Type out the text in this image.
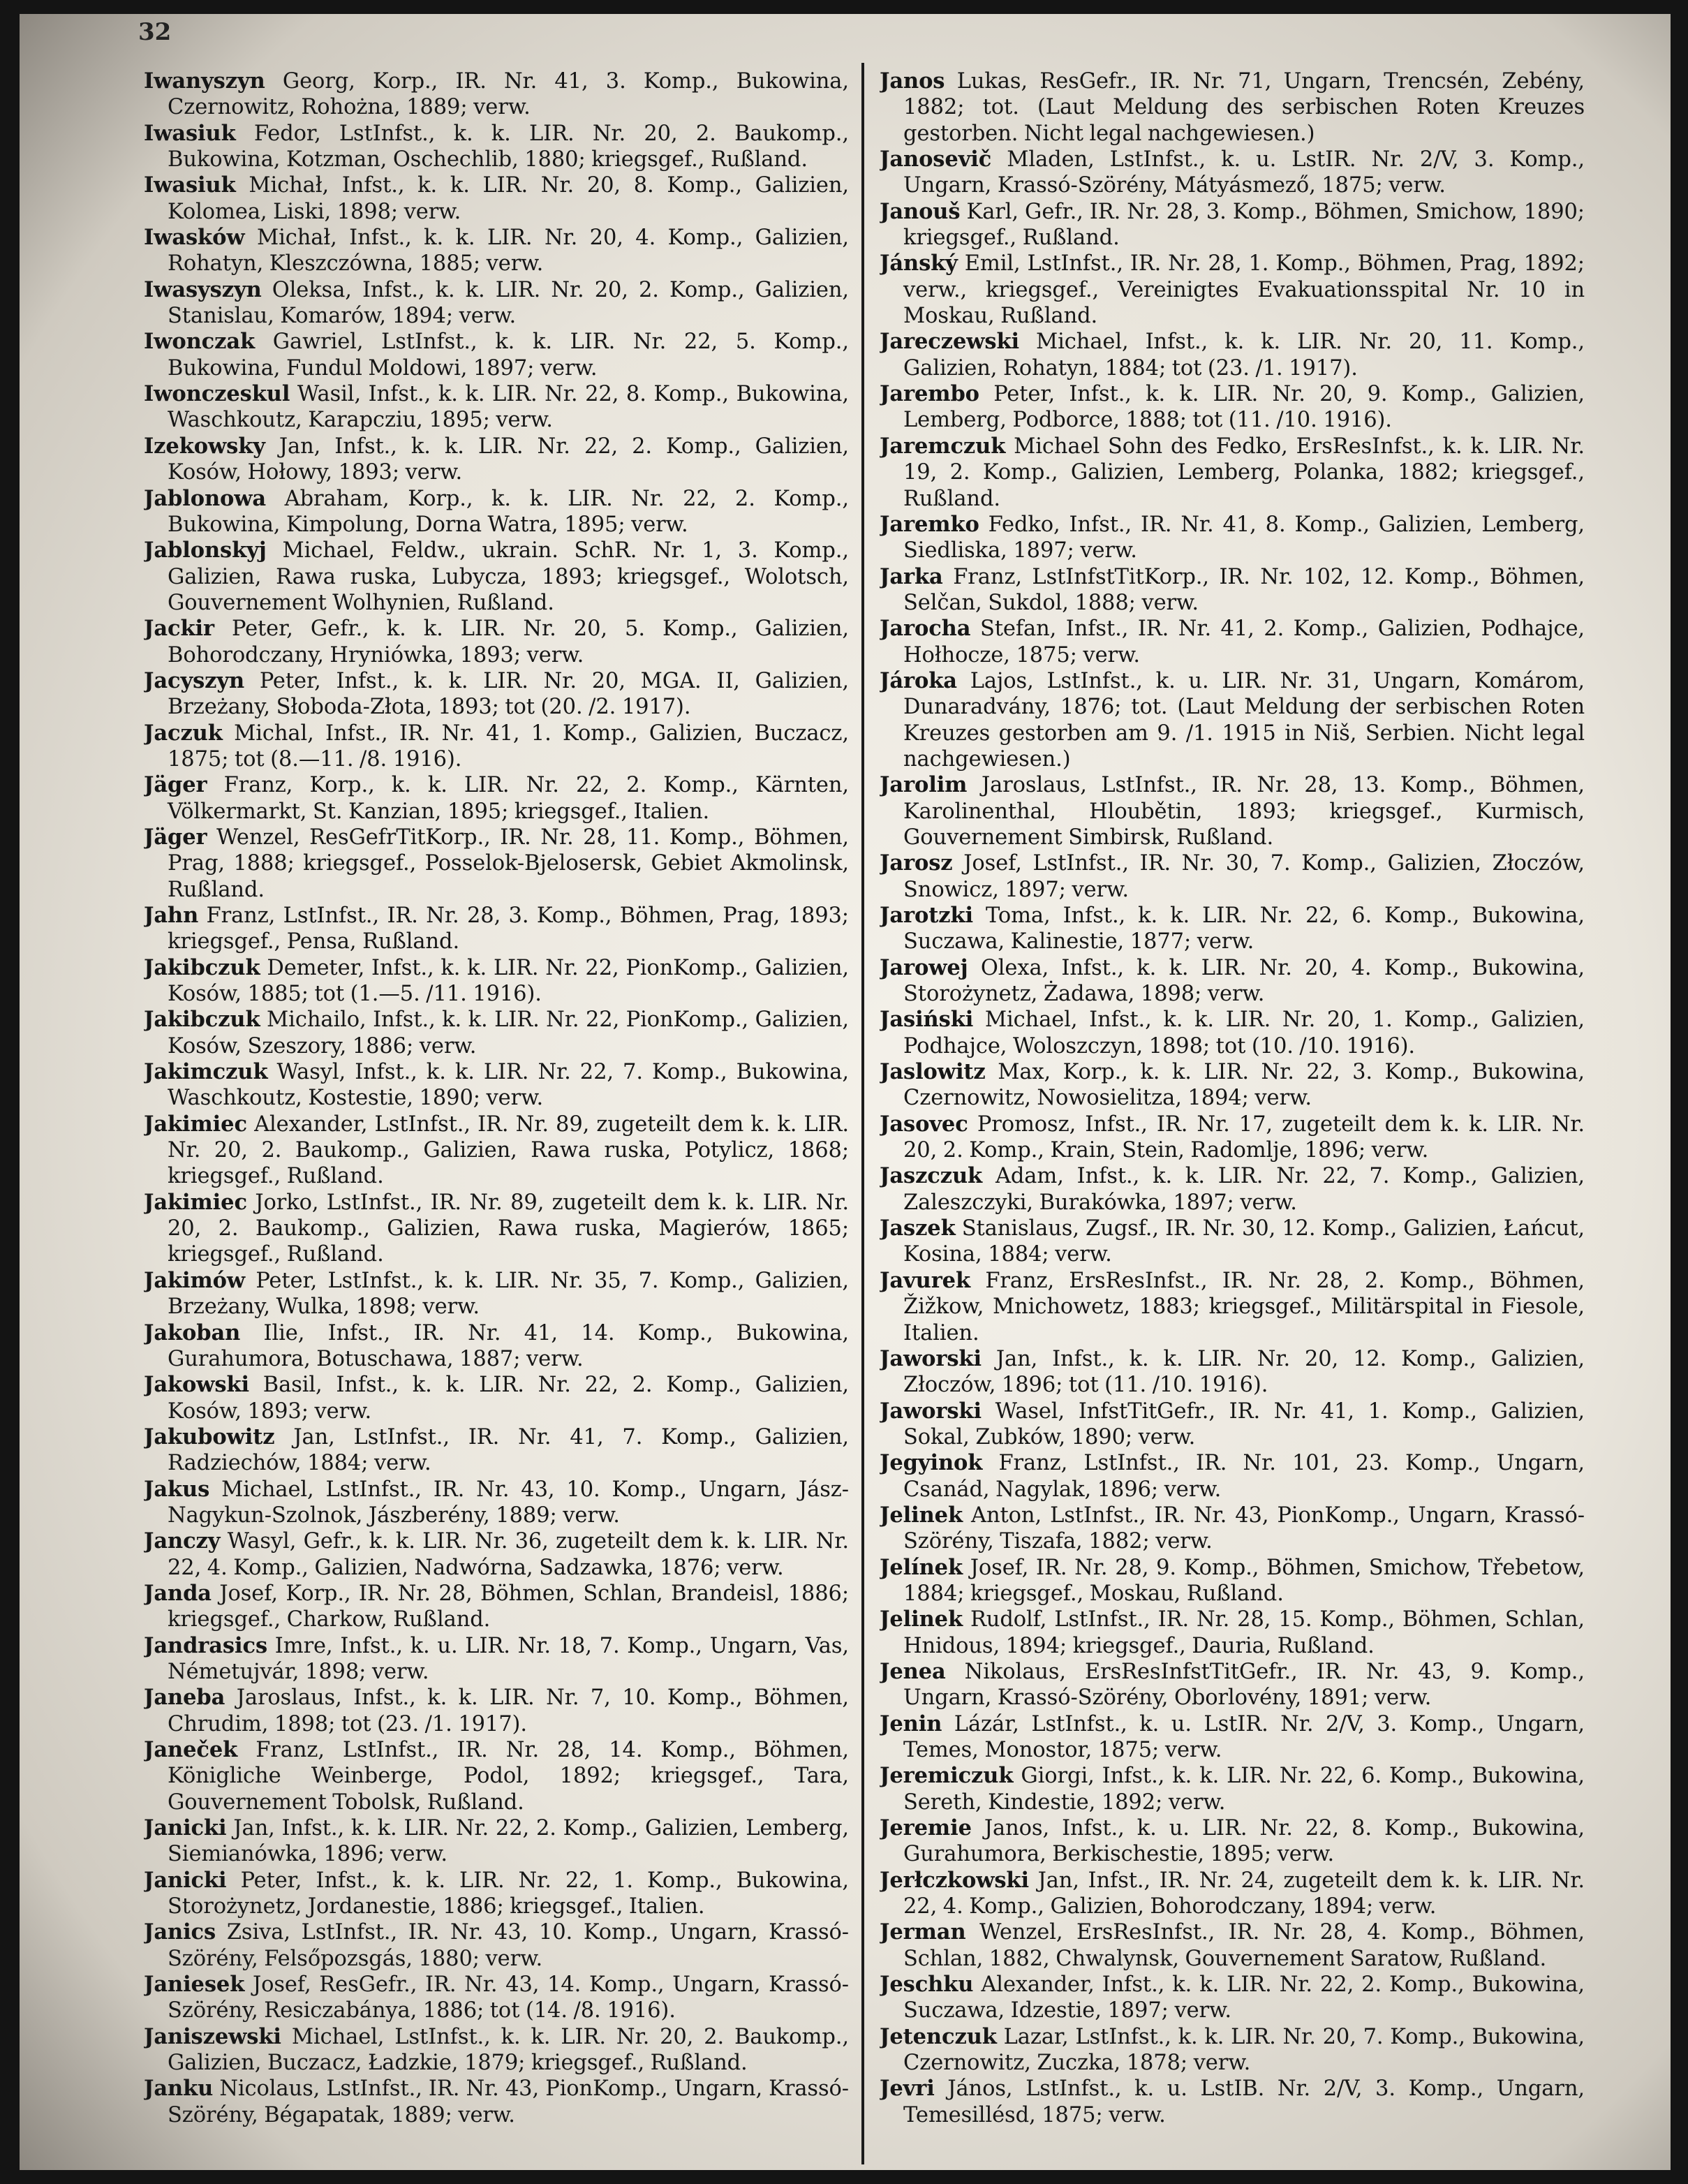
32
Iwanyszyn Georg, Korp., IR. Nr. 41, 3. Komp., Bukowina, Czernowitz, Rohożna, 1889; verw.
Iwasiuk Fedor, LstInfst., k. k. LIR. Nr. 20, 2. Baukomp., Bukowina, Kotzman, Oschechlib, 1880; kriegsgef., Rußland.
Iwasiuk Michał, Infst., k. k. LIR. Nr. 20, 8. Komp., Galizien, Kolomea, Liski, 1898; verw.
Iwasków Michał, Infst., k. k. LIR. Nr. 20, 4. Komp., Galizien, Rohatyn, Kleszczówna, 1885; verw.
Iwasyszyn Oleksa, Infst., k. k. LIR. Nr. 20, 2. Komp., Galizien, Stanislau, Komarów, 1894; verw.
Iwonczak Gawriel, LstInfst., k. k. LIR. Nr. 22, 5. Komp., Bukowina, Fundul Moldowi, 1897; verw.
Iwonczeskul Wasil, Infst., k. k. LIR. Nr. 22, 8. Komp., Bukowina, Waschkoutz, Karapcziu, 1895; verw.
Izekowsky Jan, Infst., k. k. LIR. Nr. 22, 2. Komp., Galizien, Kosów, Hołowy, 1893; verw.
Jablonowa Abraham, Korp., k. k. LIR. Nr. 22, 2. Komp., Bukowina, Kimpolung, Dorna Watra, 1895; verw.
Jablonskyj Michael, Feldw., ukrain. SchR. Nr. 1, 3. Komp., Galizien, Rawa ruska, Lubycza, 1893; kriegsgef., Wolotsch, Gouvernement Wolhynien, Rußland.
Jackir Peter, Gefr., k. k. LIR. Nr. 20, 5. Komp., Galizien, Bohorodczany, Hryniówka, 1893; verw.
Jacyszyn Peter, Infst., k. k. LIR. Nr. 20, MGA. II, Galizien, Brzeżany, Słoboda-Złota, 1893; tot (20. /2. 1917).
Jaczuk Michal, Infst., IR. Nr. 41, 1. Komp., Galizien, Buczacz, 1875; tot (8.—11. /8. 1916).
Jäger Franz, Korp., k. k. LIR. Nr. 22, 2. Komp., Kärnten, Völkermarkt, St. Kanzian, 1895; kriegsgef., Italien.
Jäger Wenzel, ResGefrTitKorp., IR. Nr. 28, 11. Komp., Böhmen, Prag, 1888; kriegsgef., Posselok-Bjelosersk, Gebiet Akmolinsk, Rußland.
Jahn Franz, LstInfst., IR. Nr. 28, 3. Komp., Böhmen, Prag, 1893; kriegsgef., Pensa, Rußland.
Jakibczuk Demeter, Infst., k. k. LIR. Nr. 22, PionKomp., Galizien, Kosów, 1885; tot (1.—5. /11. 1916).
Jakibczuk Michailo, Infst., k. k. LIR. Nr. 22, PionKomp., Galizien, Kosów, Szeszory, 1886; verw.
Jakimczuk Wasyl, Infst., k. k. LIR. Nr. 22, 7. Komp., Bukowina, Waschkoutz, Kostestie, 1890; verw.
Jakimiec Alexander, LstInfst., IR. Nr. 89, zugeteilt dem k. k. LIR. Nr. 20, 2. Baukomp., Galizien, Rawa ruska, Potylicz, 1868; kriegsgef., Rußland.
Jakimiec Jorko, LstInfst., IR. Nr. 89, zugeteilt dem k. k. LIR. Nr. 20, 2. Baukomp., Galizien, Rawa ruska, Magierów, 1865; kriegsgef., Rußland.
Jakimów Peter, LstInfst., k. k. LIR. Nr. 35, 7. Komp., Galizien, Brzeżany, Wulka, 1898; verw.
Jakoban Ilie, Infst., IR. Nr. 41, 14. Komp., Bukowina, Gurahumora, Botuschawa, 1887; verw.
Jakowski Basil, Infst., k. k. LIR. Nr. 22, 2. Komp., Galizien, Kosów, 1893; verw.
Jakubowitz Jan, LstInfst., IR. Nr. 41, 7. Komp., Galizien, Radziechów, 1884; verw.
Jakus Michael, LstInfst., IR. Nr. 43, 10. Komp., Ungarn, Jász-Nagykun-Szolnok, Jászberény, 1889; verw.
Janczy Wasyl, Gefr., k. k. LIR. Nr. 36, zugeteilt dem k. k. LIR. Nr. 22, 4. Komp., Galizien, Nadwórna, Sadzawka, 1876; verw.
Janda Josef, Korp., IR. Nr. 28, Böhmen, Schlan, Brandeisl, 1886; kriegsgef., Charkow, Rußland.
Jandrasics Imre, Infst., k. u. LIR. Nr. 18, 7. Komp., Ungarn, Vas, Németujvár, 1898; verw.
Janeba Jaroslaus, Infst., k. k. LIR. Nr. 7, 10. Komp., Böhmen, Chrudim, 1898; tot (23. /1. 1917).
Janeček Franz, LstInfst., IR. Nr. 28, 14. Komp., Böhmen, Königliche Weinberge, Podol, 1892; kriegsgef., Tara, Gouvernement Tobolsk, Rußland.
Janicki Jan, Infst., k. k. LIR. Nr. 22, 2. Komp., Galizien, Lemberg, Siemianówka, 1896; verw.
Janicki Peter, Infst., k. k. LIR. Nr. 22, 1. Komp., Bukowina, Storożynetz, Jordanestie, 1886; kriegsgef., Italien.
Janics Zsiva, LstInfst., IR. Nr. 43, 10. Komp., Ungarn, Krassó-Szörény, Felsőpozsgás, 1880; verw.
Janiesek Josef, ResGefr., IR. Nr. 43, 14. Komp., Ungarn, Krassó-Szörény, Resiczabánya, 1886; tot (14. /8. 1916).
Janiszewski Michael, LstInfst., k. k. LIR. Nr. 20, 2. Baukomp., Galizien, Buczacz, Ładzkie, 1879; kriegsgef., Rußland.
Janku Nicolaus, LstInfst., IR. Nr. 43, PionKomp., Ungarn, Krassó-Szörény, Bégapatak, 1889; verw.
Janos Lukas, ResGefr., IR. Nr. 71, Ungarn, Trencsén, Zebény, 1882; tot. (Laut Meldung des serbischen Roten Kreuzes gestorben. Nicht legal nachgewiesen.)
Janosevič Mladen, LstInfst., k. u. LstIR. Nr. 2/V, 3. Komp., Ungarn, Krassó-Szörény, Mátyásmező, 1875; verw.
Janouš Karl, Gefr., IR. Nr. 28, 3. Komp., Böhmen, Smichow, 1890; kriegsgef., Rußland.
Jánský Emil, LstInfst., IR. Nr. 28, 1. Komp., Böhmen, Prag, 1892; verw., kriegsgef., Vereinigtes Evakuationsspital Nr. 10 in Moskau, Rußland.
Jareczewski Michael, Infst., k. k. LIR. Nr. 20, 11. Komp., Galizien, Rohatyn, 1884; tot (23. /1. 1917).
Jarembo Peter, Infst., k. k. LIR. Nr. 20, 9. Komp., Galizien, Lemberg, Podborce, 1888; tot (11. /10. 1916).
Jaremczuk Michael Sohn des Fedko, ErsResInfst., k. k. LIR. Nr. 19, 2. Komp., Galizien, Lemberg, Polanka, 1882; kriegsgef., Rußland.
Jaremko Fedko, Infst., IR. Nr. 41, 8. Komp., Galizien, Lemberg, Siedliska, 1897; verw.
Jarka Franz, LstInfstTitKorp., IR. Nr. 102, 12. Komp., Böhmen, Selčan, Sukdol, 1888; verw.
Jarocha Stefan, Infst., IR. Nr. 41, 2. Komp., Galizien, Podhajce, Hołhocze, 1875; verw.
Jároka Lajos, LstInfst., k. u. LIR. Nr. 31, Ungarn, Komárom, Dunaradvány, 1876; tot. (Laut Meldung der serbischen Roten Kreuzes gestorben am 9. /1. 1915 in Niš, Serbien. Nicht legal nachgewiesen.)
Jarolim Jaroslaus, LstInfst., IR. Nr. 28, 13. Komp., Böhmen, Karolinenthal, Hloubětin, 1893; kriegsgef., Kurmisch, Gouvernement Simbirsk, Rußland.
Jarosz Josef, LstInfst., IR. Nr. 30, 7. Komp., Galizien, Złoczów, Snowicz, 1897; verw.
Jarotzki Toma, Infst., k. k. LIR. Nr. 22, 6. Komp., Bukowina, Suczawa, Kalinestie, 1877; verw.
Jarowej Olexa, Infst., k. k. LIR. Nr. 20, 4. Komp., Bukowina, Storożynetz, Żadawa, 1898; verw.
Jasiński Michael, Infst., k. k. LIR. Nr. 20, 1. Komp., Galizien, Podhajce, Woloszczyn, 1898; tot (10. /10. 1916).
Jaslowitz Max, Korp., k. k. LIR. Nr. 22, 3. Komp., Bukowina, Czernowitz, Nowosielitza, 1894; verw.
Jasovec Promosz, Infst., IR. Nr. 17, zugeteilt dem k. k. LIR. Nr. 20, 2. Komp., Krain, Stein, Radomlje, 1896; verw.
Jaszczuk Adam, Infst., k. k. LIR. Nr. 22, 7. Komp., Galizien, Zaleszczyki, Burakówka, 1897; verw.
Jaszek Stanislaus, Zugsf., IR. Nr. 30, 12. Komp., Galizien, Łańcut, Kosina, 1884; verw.
Javurek Franz, ErsResInfst., IR. Nr. 28, 2. Komp., Böhmen, Žižkow, Mnichowetz, 1883; kriegsgef., Militärspital in Fiesole, Italien.
Jaworski Jan, Infst., k. k. LIR. Nr. 20, 12. Komp., Galizien, Złoczów, 1896; tot (11. /10. 1916).
Jaworski Wasel, InfstTitGefr., IR. Nr. 41, 1. Komp., Galizien, Sokal, Zubków, 1890; verw.
Jegyinok Franz, LstInfst., IR. Nr. 101, 23. Komp., Ungarn, Csanád, Nagylak, 1896; verw.
Jelinek Anton, LstInfst., IR. Nr. 43, PionKomp., Ungarn, Krassó-Szörény, Tiszafa, 1882; verw.
Jelínek Josef, IR. Nr. 28, 9. Komp., Böhmen, Smichow, Třebetow, 1884; kriegsgef., Moskau, Rußland.
Jelinek Rudolf, LstInfst., IR. Nr. 28, 15. Komp., Böhmen, Schlan, Hnidous, 1894; kriegsgef., Dauria, Rußland.
Jenea Nikolaus, ErsResInfstTitGefr., IR. Nr. 43, 9. Komp., Ungarn, Krassó-Szörény, Oborlovény, 1891; verw.
Jenin Lázár, LstInfst., k. u. LstIR. Nr. 2/V, 3. Komp., Ungarn, Temes, Monostor, 1875; verw.
Jeremiczuk Giorgi, Infst., k. k. LIR. Nr. 22, 6. Komp., Bukowina, Sereth, Kindestie, 1892; verw.
Jeremie Janos, Infst., k. u. LIR. Nr. 22, 8. Komp., Bukowina, Gurahumora, Berkischestie, 1895; verw.
Jerłczkowski Jan, Infst., IR. Nr. 24, zugeteilt dem k. k. LIR. Nr. 22, 4. Komp., Galizien, Bohorodczany, 1894; verw.
Jerman Wenzel, ErsResInfst., IR. Nr. 28, 4. Komp., Böhmen, Schlan, 1882, Chwalynsk, Gouvernement Saratow, Rußland.
Jeschku Alexander, Infst., k. k. LIR. Nr. 22, 2. Komp., Bukowina, Suczawa, Idzestie, 1897; verw.
Jetenczuk Lazar, LstInfst., k. k. LIR. Nr. 20, 7. Komp., Bukowina, Czernowitz, Zuczka, 1878; verw.
Jevri János, LstInfst., k. u. LstIB. Nr. 2/V, 3. Komp., Ungarn, Temesillésd, 1875; verw.
